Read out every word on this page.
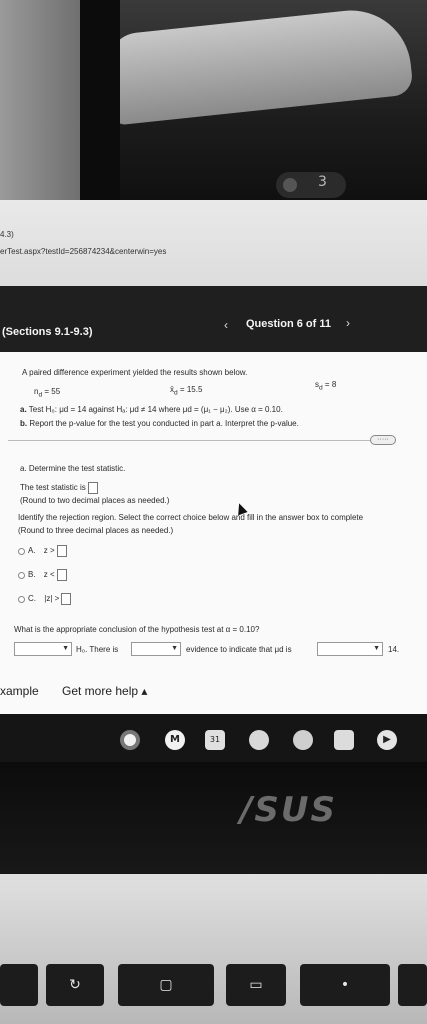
3
4.3)
erTest.aspx?testId=256874234&centerwin=yes
(Sections 9.1-9.3)	‹ Question 6 of 11 ›
A paired difference experiment yielded the results shown below.
$n_d = 55$	$x̄_d = 15.5$
$s_d = 8$
a. Test H₀: μd = 14 against Hₐ: μd ≠ 14 where μd = (μ₁ − μ₂). Use α = 0.10.
b. Report the p-value for the test you conducted in part a. Interpret the p-value.
·····
a. Determine the test statistic.
The test statistic is
(Round to two decimal places as needed.)
Identify the rejection region. Select the correct choice below and fill in the answer box to complete
(Round to three decimal places as needed.)
A. z >
B. z <
C. |z| >
What is the appropriate conclusion of the hypothesis test at α = 0.10?
▼ H₀. There is	▼ evidence to indicate that μd is	▼ 14.
xample Get more help ▴
M	31	▶
/SUS
↻	▢	▭	•
